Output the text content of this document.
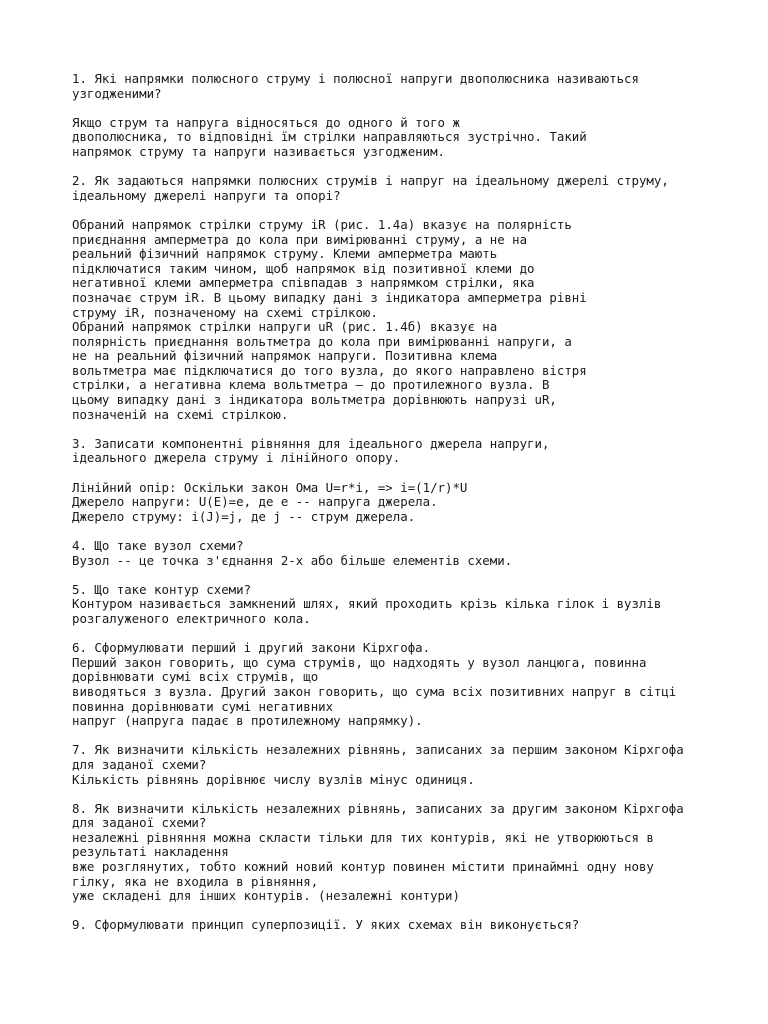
1. Які напрямки полюсного струму і полюсної напруги двополюсника називаються
узгодженими?
Якщо струм та напруга відносяться до одного й того ж
двополюсника, то відповідні їм стрілки направляються зустрічно. Такий
напрямок струму та напруги називається узгодженим.
2. Як задаються напрямки полюсних струмів і напруг на ідеальному джерелі струму,
ідеальному джерелі напруги та опорі?
Обраний напрямок стрілки струму iR (рис. 1.4а) вказує на полярність
приєднання амперметра до кола при вимірюванні струму, а не на
реальний фізичний напрямок струму. Клеми амперметра мають
підключатися таким чином, щоб напрямок від позитивної клеми до
негативної клеми амперметра співпадав з напрямком стрілки, яка
позначає струм iR. В цьому випадку дані з індикатора амперметра рівні
струму iR, позначеному на схемі стрілкою.
Обраний напрямок стрілки напруги uR (рис. 1.4б) вказує на
полярність приєднання вольтметра до кола при вимірюванні напруги, а
не на реальний фізичний напрямок напруги. Позитивна клема
вольтметра має підключатися до того вузла, до якого направлено вістря
стрілки, а негативна клема вольтметра – до протилежного вузла. В
цьому випадку дані з індикатора вольтметра дорівнюють напрузі uR,
позначеній на схемі стрілкою.
3. Записати компонентні рівняння для ідеального джерела напруги,
ідеального джерела струму і лінійного опору.
Лінійний опір: Оскільки закон Ома U=r*i, => i=(1/r)*U
Джерело напруги: U(E)=e, де e -- напруга джерела.
Джерело струму: i(J)=j, де j -- струм джерела.
4. Що таке вузол схеми?
Вузол -- це точка з'єднання 2-х або більше елементів схеми.
5. Що таке контур схеми?
Контуром називається замкнений шлях, який проходить крізь кілька гілок і вузлів
розгалуженого електричного кола.
6. Сформулювати перший і другий закони Кірхгофа.
Перший закон говорить, що сума струмів, що надходять у вузол ланцюга, повинна
дорівнювати сумі всіх струмів, що
виводяться з вузла. Другий закон говорить, що сума всіх позитивних напруг в сітці
повинна дорівнювати сумі негативних
напруг (напруга падає в протилежному напрямку).
7. Як визначити кількість незалежних рівнянь, записаних за першим законом Кірхгофа
для заданої схеми?
Кількість рівнянь дорівнює числу вузлів мінус одиниця.
8. Як визначити кількість незалежних рівнянь, записаних за другим законом Кірхгофа
для заданої схеми?
незалежні рівняння можна скласти тільки для тих контурів, які не утворюються в
результаті накладення
вже розглянутих, тобто кожний новий контур повинен містити принаймні одну нову
гілку, яка не входила в рівняння,
уже складені для інших контурів. (незалежні контури)
9. Сформулювати принцип суперпозиції. У яких схемах він виконується?
